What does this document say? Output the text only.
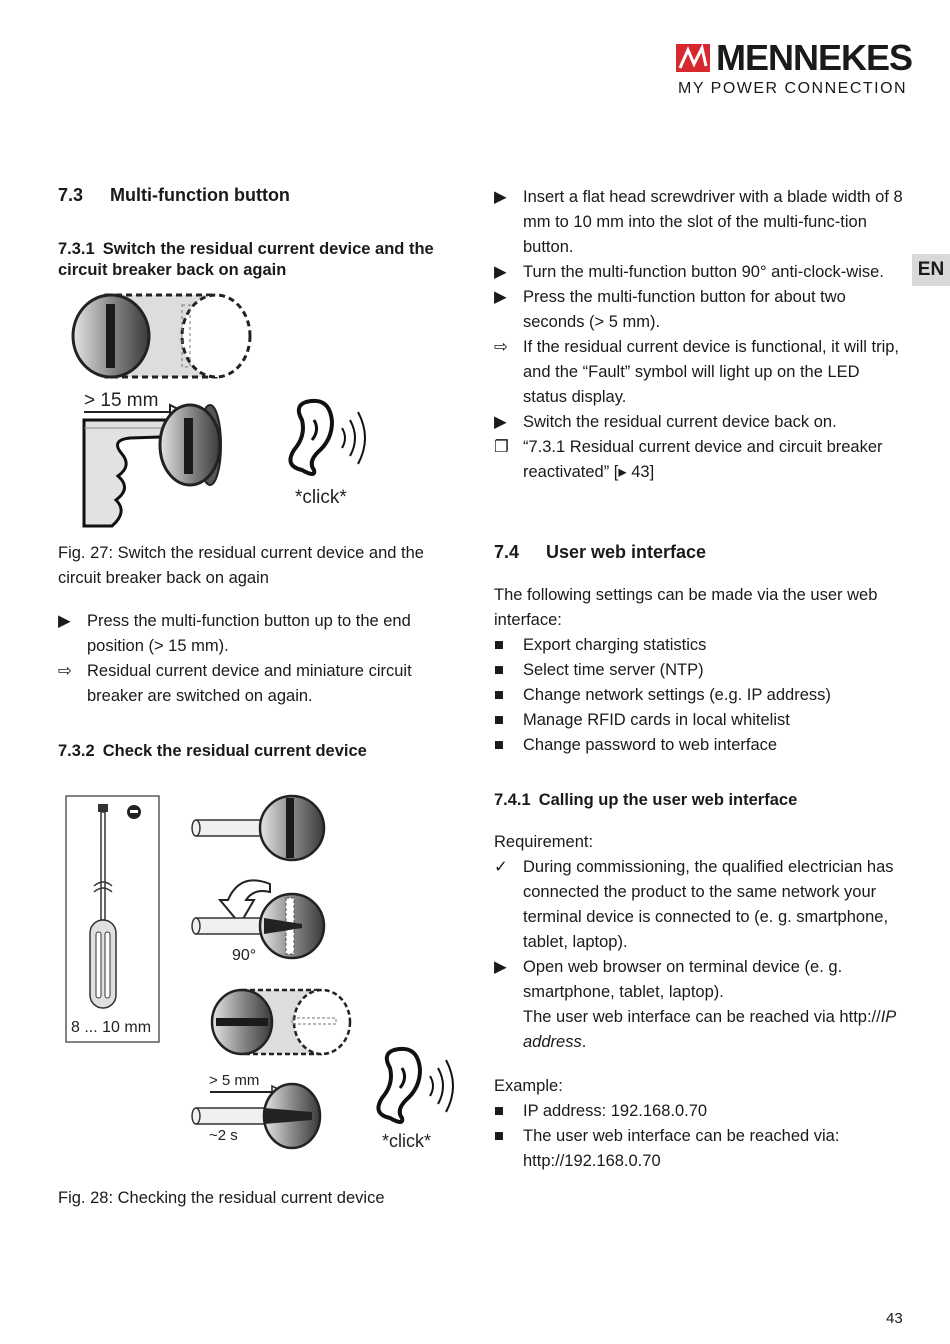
MENNEKES
MY POWER CONNECTION
EN
7.3 Multi-function button
7.3.1 Switch the residual current device and the circuit breaker back on again
> 15 mm
*click*
Fig. 27: Switch the residual current device and the circuit breaker back on again
▶ Press the multi-function button up to the end position (> 15 mm).
⇨ Residual current device and miniature circuit breaker are switched on again.
7.3.2 Check the residual current device
8 ... 10 mm
90°
> 5 mm
~2 s	*click*
Fig. 28: Checking the residual current device
▶ Insert a flat head screwdriver with a blade width of 8 mm to 10 mm into the slot of the multi-func-tion button.
▶ Turn the multi-function button 90° anti-clock-wise.
▶ Press the multi-function button for about two seconds (> 5 mm).
⇨ If the residual current device is functional, it will trip, and the “Fault” symbol will light up on the LED status display.
▶ Switch the residual current device back on.
❐ “7.3.1 Residual current device and circuit breaker reactivated” [▸ 43]
7.4 User web interface
The following settings can be made via the user web interface:
■	Export charging statistics
■	Select time server (NTP)
■	Change network settings (e.g. IP address)
■	Manage RFID cards in local whitelist
■	Change password to web interface
7.4.1 Calling up the user web interface
Requirement:
✓ During commissioning, the qualified electrician has connected the product to the same network your terminal device is connected to (e. g. smartphone, tablet, laptop).
▶ Open web browser on terminal device (e. g. smartphone, tablet, laptop).
The user web interface can be reached via http://IP address.
Example:
■	IP address: 192.168.0.70
■	The user web interface can be reached via: http://192.168.0.70
43
